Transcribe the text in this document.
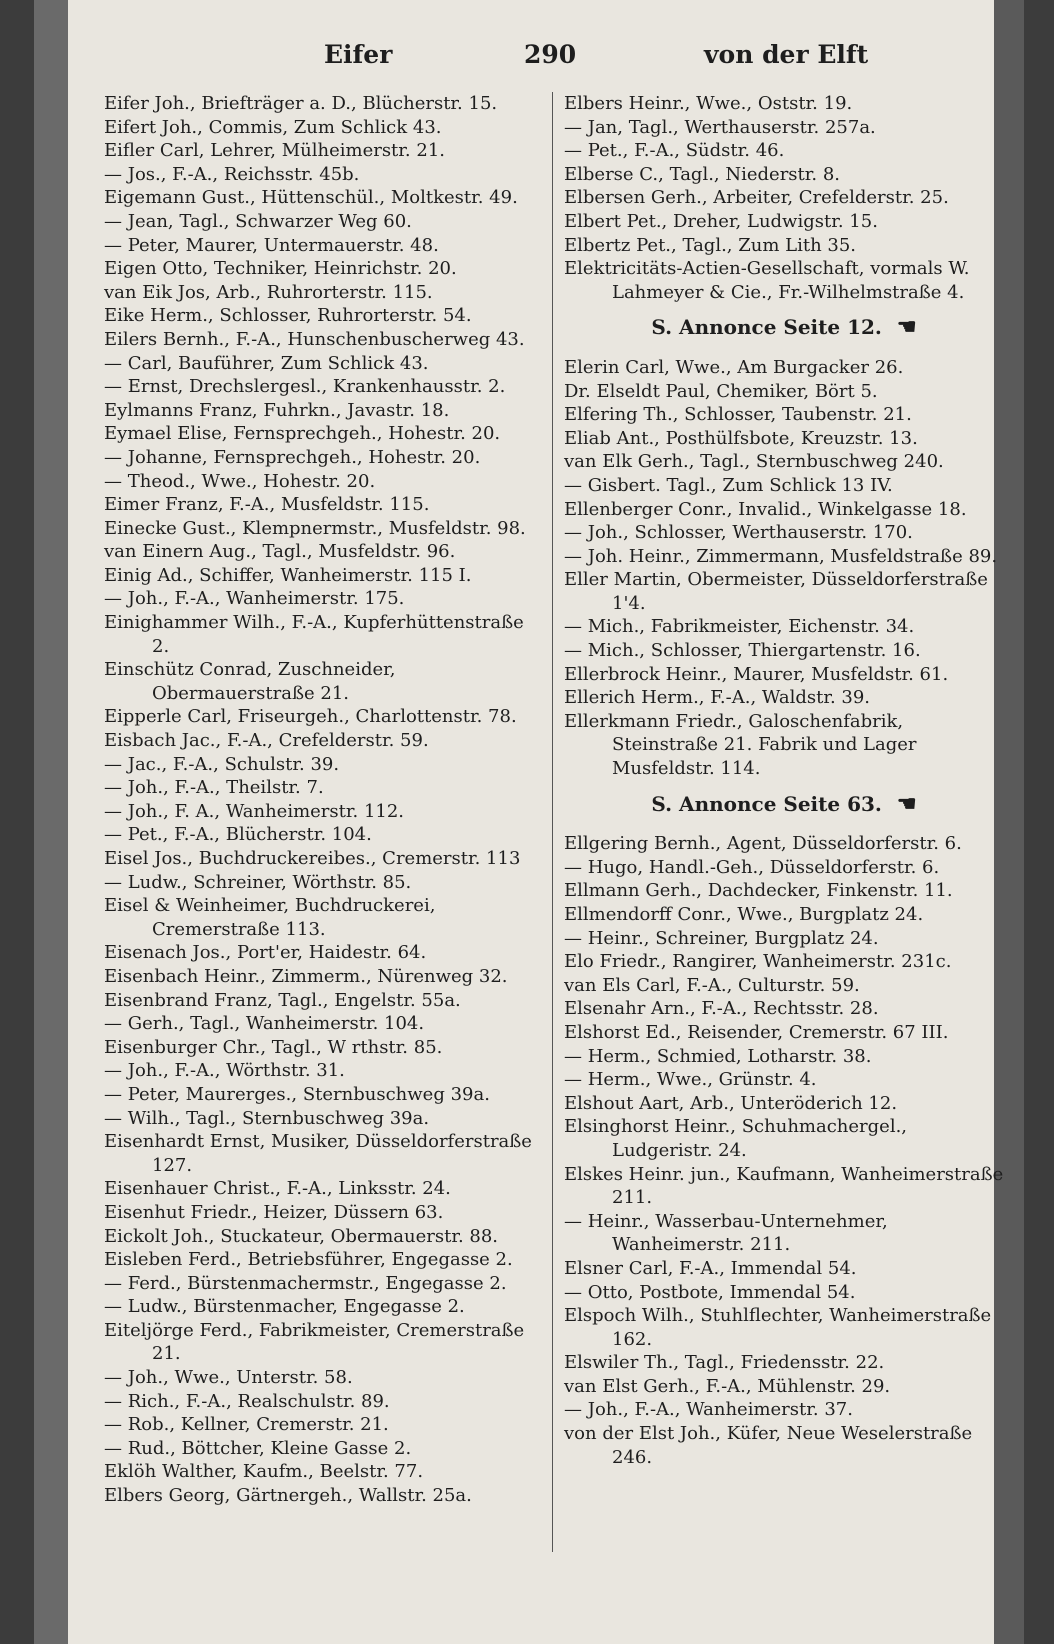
Eifer	290	von der Elft
Eifer Joh., Briefträger a. D., Blücherstr. 15.
Eifert Joh., Commis, Zum Schlick 43.
Eifler Carl, Lehrer, Mülheimerstr. 21.
— Jos., F.-A., Reichsstr. 45b.
Eigemann Gust., Hüttenschül., Moltkestr. 49.
— Jean, Tagl., Schwarzer Weg 60.
— Peter, Maurer, Untermauerstr. 48.
Eigen Otto, Techniker, Heinrichstr. 20.
van Eik Jos, Arb., Ruhrorterstr. 115.
Eike Herm., Schlosser, Ruhrorterstr. 54.
Eilers Bernh., F.-A., Hunschenbuscherweg 43.
— Carl, Bauführer, Zum Schlick 43.
— Ernst, Drechslergesl., Krankenhausstr. 2.
Eylmanns Franz, Fuhrkn., Javastr. 18.
Eymael Elise, Fernsprechgeh., Hohestr. 20.
— Johanne, Fernsprechgeh., Hohestr. 20.
— Theod., Wwe., Hohestr. 20.
Eimer Franz, F.-A., Musfeldstr. 115.
Einecke Gust., Klempnermstr., Musfeldstr. 98.
van Einern Aug., Tagl., Musfeldstr. 96.
Einig Ad., Schiffer, Wanheimerstr. 115 I.
— Joh., F.-A., Wanheimerstr. 175.
Einighammer Wilh., F.-A., Kupferhüttenstraße 2.
Einschütz Conrad, Zuschneider, Obermauerstraße 21.
Eipperle Carl, Friseurgeh., Charlottenstr. 78.
Eisbach Jac., F.-A., Crefelderstr. 59.
— Jac., F.-A., Schulstr. 39.
— Joh., F.-A., Theilstr. 7.
— Joh., F. A., Wanheimerstr. 112.
— Pet., F.-A., Blücherstr. 104.
Eisel Jos., Buchdruckereibes., Cremerstr. 113
— Ludw., Schreiner, Wörthstr. 85.
Eisel & Weinheimer, Buchdruckerei, Cremerstraße 113.
Eisenach Jos., Port'er, Haidestr. 64.
Eisenbach Heinr., Zimmerm., Nürenweg 32.
Eisenbrand Franz, Tagl., Engelstr. 55a.
— Gerh., Tagl., Wanheimerstr. 104.
Eisenburger Chr., Tagl., W rthstr. 85.
— Joh., F.-A., Wörthstr. 31.
— Peter, Maurerges., Sternbuschweg 39a.
— Wilh., Tagl., Sternbuschweg 39a.
Eisenhardt Ernst, Musiker, Düsseldorferstraße 127.
Eisenhauer Christ., F.-A., Linksstr. 24.
Eisenhut Friedr., Heizer, Düssern 63.
Eickolt Joh., Stuckateur, Obermauerstr. 88.
Eisleben Ferd., Betriebsführer, Engegasse 2.
— Ferd., Bürstenmachermstr., Engegasse 2.
— Ludw., Bürstenmacher, Engegasse 2.
Eiteljörge Ferd., Fabrikmeister, Cremerstraße 21.
— Joh., Wwe., Unterstr. 58.
— Rich., F.-A., Realschulstr. 89.
— Rob., Kellner, Cremerstr. 21.
— Rud., Böttcher, Kleine Gasse 2.
Eklöh Walther, Kaufm., Beelstr. 77.
Elbers Georg, Gärtnergeh., Wallstr. 25a.
Elbers Heinr., Wwe., Oststr. 19.
— Jan, Tagl., Werthauserstr. 257a.
— Pet., F.-A., Südstr. 46.
Elberse C., Tagl., Niederstr. 8.
Elbersen Gerh., Arbeiter, Crefelderstr. 25.
Elbert Pet., Dreher, Ludwigstr. 15.
Elbertz Pet., Tagl., Zum Lith 35.
Elektricitäts-Actien-Gesellschaft, vormals W. Lahmeyer & Cie., Fr.-Wilhelmstraße 4.
S. Annonce Seite 12. ☚
Elerin Carl, Wwe., Am Burgacker 26.
Dr. Elseldt Paul, Chemiker, Bört 5.
Elfering Th., Schlosser, Taubenstr. 21.
Eliab Ant., Posthülfsbote, Kreuzstr. 13.
van Elk Gerh., Tagl., Sternbuschweg 240.
— Gisbert. Tagl., Zum Schlick 13 IV.
Ellenberger Conr., Invalid., Winkelgasse 18.
— Joh., Schlosser, Werthauserstr. 170.
— Joh. Heinr., Zimmermann, Musfeldstraße 89.
Eller Martin, Obermeister, Düsseldorferstraße 1'4.
— Mich., Fabrikmeister, Eichenstr. 34.
— Mich., Schlosser, Thiergartenstr. 16.
Ellerbrock Heinr., Maurer, Musfeldstr. 61.
Ellerich Herm., F.-A., Waldstr. 39.
Ellerkmann Friedr., Galoschenfabrik, Steinstraße 21. Fabrik und Lager Musfeldstr. 114.
S. Annonce Seite 63. ☚
Ellgering Bernh., Agent, Düsseldorferstr. 6.
— Hugo, Handl.-Geh., Düsseldorferstr. 6.
Ellmann Gerh., Dachdecker, Finkenstr. 11.
Ellmendorff Conr., Wwe., Burgplatz 24.
— Heinr., Schreiner, Burgplatz 24.
Elo Friedr., Rangirer, Wanheimerstr. 231c.
van Els Carl, F.-A., Culturstr. 59.
Elsenahr Arn., F.-A., Rechtsstr. 28.
Elshorst Ed., Reisender, Cremerstr. 67 III.
— Herm., Schmied, Lotharstr. 38.
— Herm., Wwe., Grünstr. 4.
Elshout Aart, Arb., Unteröderich 12.
Elsinghorst Heinr., Schuhmachergel., Ludgeristr. 24.
Elskes Heinr. jun., Kaufmann, Wanheimerstraße 211.
— Heinr., Wasserbau-Unternehmer, Wanheimerstr. 211.
Elsner Carl, F.-A., Immendal 54.
— Otto, Postbote, Immendal 54.
Elspoch Wilh., Stuhlflechter, Wanheimerstraße 162.
Elswiler Th., Tagl., Friedensstr. 22.
van Elst Gerh., F.-A., Mühlenstr. 29.
— Joh., F.-A., Wanheimerstr. 37.
von der Elst Joh., Küfer, Neue Weselerstraße 246.
